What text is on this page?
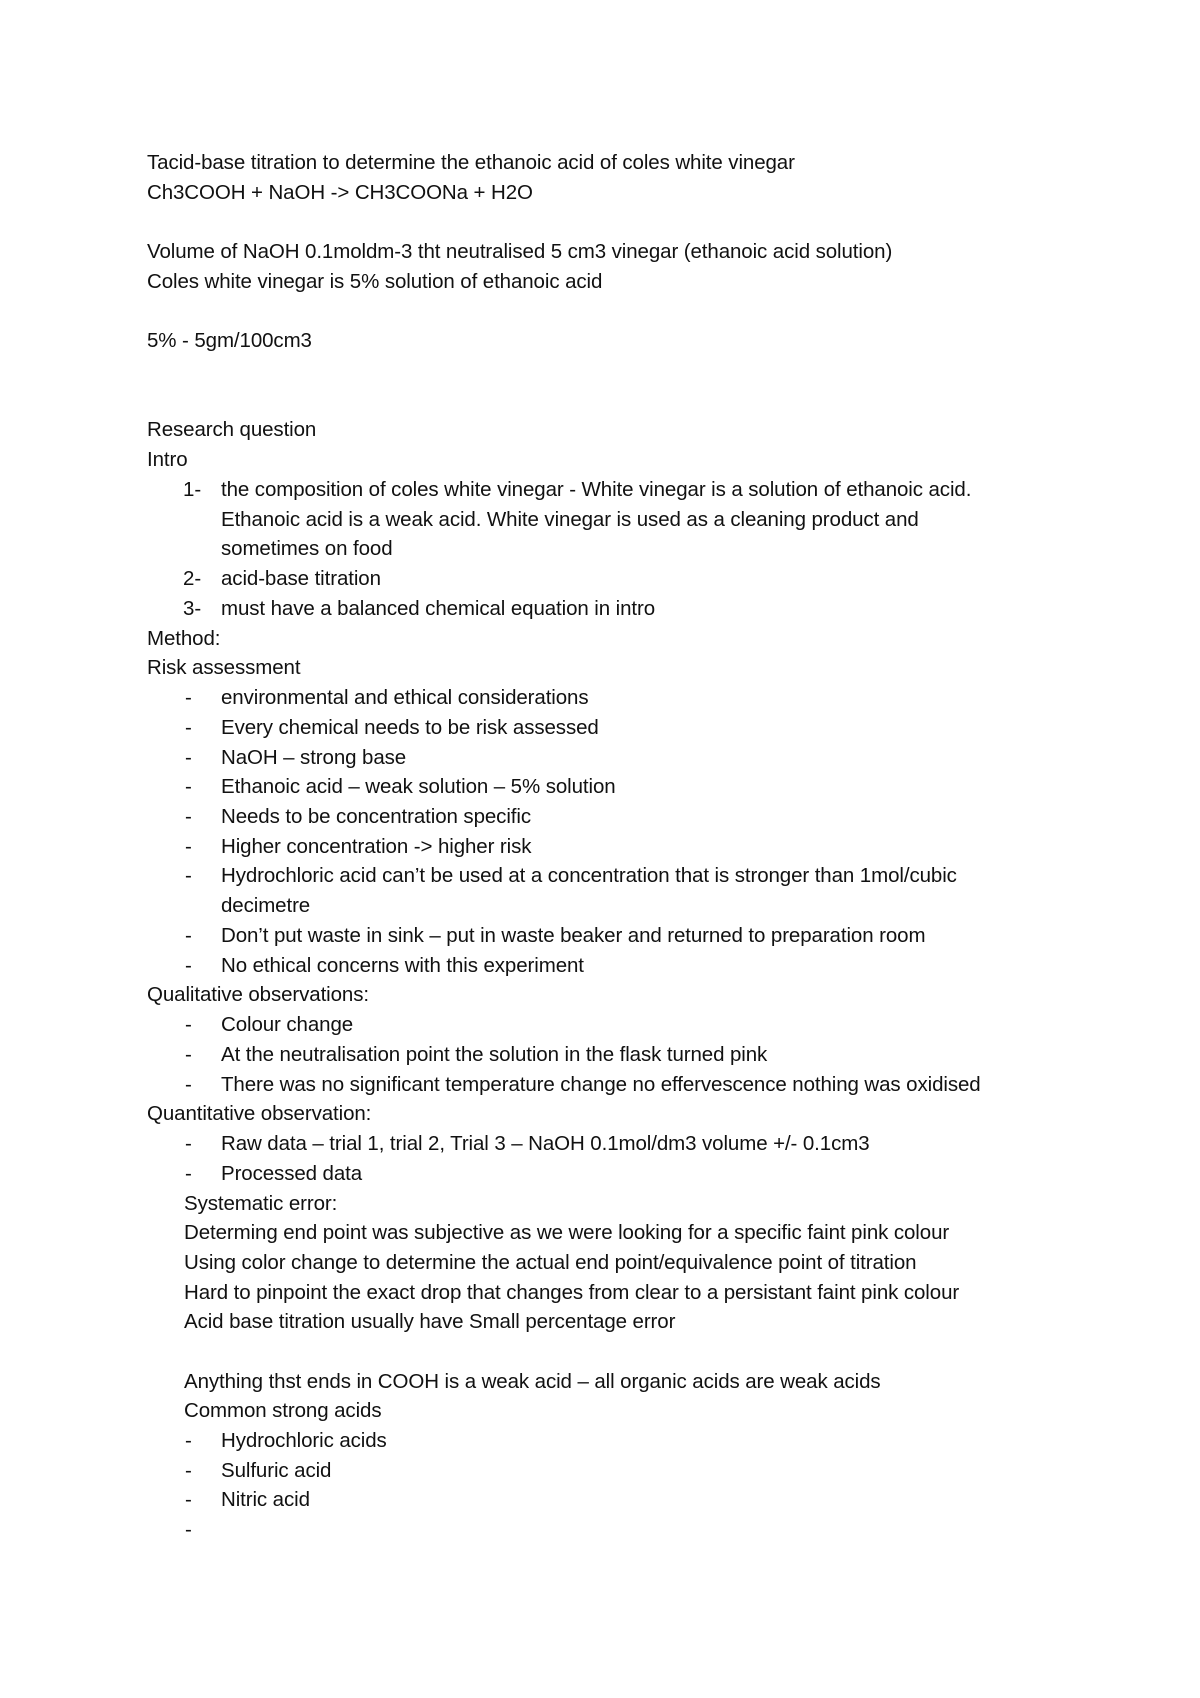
Tacid-base titration to determine the ethanoic acid of coles white vinegar
Ch3COOH + NaOH -> CH3COONa + H2O
Volume of NaOH 0.1moldm-3 tht neutralised 5 cm3 vinegar (ethanoic acid solution)
Coles white vinegar is 5% solution of ethanoic acid
5% - 5gm/100cm3
Research question
Intro
1- the composition of coles white vinegar - White vinegar is a solution of ethanoic acid.
Ethanoic acid is a weak acid. White vinegar is used as a cleaning product and
sometimes on food
2- acid-base titration
3- must have a balanced chemical equation in intro
Method:
Risk assessment
- environmental and ethical considerations
- Every chemical needs to be risk assessed
- NaOH – strong base
- Ethanoic acid – weak solution – 5% solution
- Needs to be concentration specific
- Higher concentration -> higher risk
- Hydrochloric acid can’t be used at a concentration that is stronger than 1mol/cubic
decimetre
- Don’t put waste in sink – put in waste beaker and returned to preparation room
- No ethical concerns with this experiment
Qualitative observations:
- Colour change
- At the neutralisation point the solution in the flask turned pink
- There was no significant temperature change no effervescence nothing was oxidised
Quantitative observation:
- Raw data – trial 1, trial 2, Trial 3 – NaOH 0.1mol/dm3 volume +/- 0.1cm3
- Processed data
Systematic error:
Determing end point was subjective as we were looking for a specific faint pink colour
Using color change to determine the actual end point/equivalence point of titration
Hard to pinpoint the exact drop that changes from clear to a persistant faint pink colour
Acid base titration usually have Small percentage error
Anything thst ends in COOH is a weak acid – all organic acids are weak acids
Common strong acids
- Hydrochloric acids
- Sulfuric acid
- Nitric acid
-
